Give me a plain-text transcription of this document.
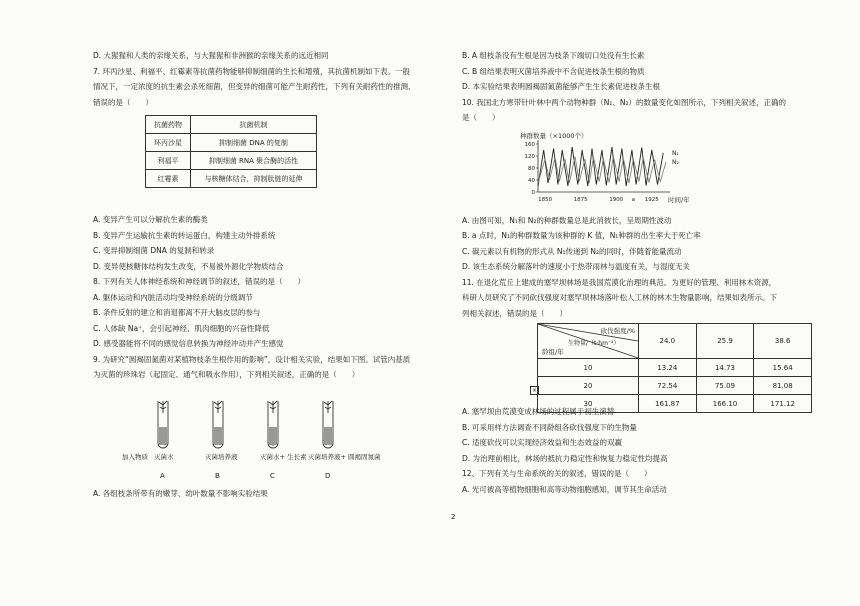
D. 大猩猩和人类的亲缘关系，与大猩猩和非洲猴的亲缘关系的远近相同

7. 环丙沙星、利福平、红霉素等抗菌药物能够抑制细菌的生长和增殖，其抗菌机制如下表。一般

情况下，一定浓度的抗生素会杀死细菌，但变异的细菌可能产生耐药性，下列有关耐药性的推测、

错误的是（　　）

A. 变异产生可以分解抗生素的酶类

B. 变异产生运输抗生素的转运蛋白，构建主动外排系统

C. 变异抑制细菌 DNA 的复制和转录

D. 变异使核糖体结构发生改变，不易被外源化学物质结合

8. 下列有关人体神经系统和神经调节的叙述，错误的是（　　）

A. 躯体运动和内脏活动均受神经系统的分级调节

B. 条件反射的建立和消退都离不开大脑皮层的参与

C. 人体缺 Na⁺，会引起神经、肌肉细胞的兴奋性降低

D. 感受器能将不同的感觉信息转换为神经冲动并产生感觉

9. 为研究“圆褐固氮菌对某植物枝条生根作用的影响”，设计相关实验，结果如下图。试管内基质

为灭菌的珍珠岩（起固定、通气和吸水作用），下列相关叙述，正确的是（　　）

A. 各组枝条所带有的嫩芽、幼叶数量不影响实验结果

抗菌药物	抗菌机制
环丙沙星	抑制细菌 DNA 的复制
利福平	抑制细菌 RNA 聚合酶的活性
红霉素	与核糖体结合，抑制肽链的延伸
加入物质 灭菌水	灭菌培养液	灭菌水+ 生长素 灭菌培养液+ 圆褐固氮菌
A	B	C	D

B. A 组枝条没有生根是因为枝条下端切口处没有生长素

C. B 组结果表明灭菌培养液中不含促进枝条生根的物质

D. 本实验结果表明圆褐固氮菌能够产生生长素促进枝条生根

10. 我国北方寒带针叶林中两个动物种群（N₁、N₂）的数量变化如图所示，下列相关叙述，正确的

是（　　）

A. 由图可知，N₁和 N₂的种群数量总是此消彼长，呈周期性波动

B. a 点时，N₁的种群数量为该种群的 K 值，N₁种群的出生率大于死亡率

C. 碳元素以有机物的形式从 N₁传递到 N₂的同时，伴随着能量流动

D. 该生态系统分解落叶的速度小于热带雨林与温度有关，与湿度无关

11. 在退化荒丘上建成的塞罕坝林场是我国荒漠化治理的典范。为更好的管理、利用林木资源，

科研人员研究了不同砍伐强度对塞罕坝林场落叶松人工林的林木生物量影响，结果如表所示。下

列相关叙述，错误的是（　　）

A. 塞罕坝由荒漠变成林场的过程属于初生演替

B. 可采用样方法调查不同龄组各砍伐强度下的生物量

C. 适度砍伐可以实现经济效益和生态效益的双赢

D. 为治理前相比，林场的抵抗力稳定性和恢复力稳定性均提高

12、下列有关与生命系统的关的叙述，错误的是（　　）

A. 光可被高等植物细胞和高等动物细胞感知，调节其生命活动

种群数量（×1000个）
时间/年
0
40
80
120
160
1850	1875	1900 a 1925
N₁
N₂
砍伐强度/%
生物量/（t·hm⁻²）
龄组/年	24.0	25.9	38.6
10	13.24	14.73	15.64
20	72.54	75.09	81.08
30	161.87	166.10	171.12
×
2
